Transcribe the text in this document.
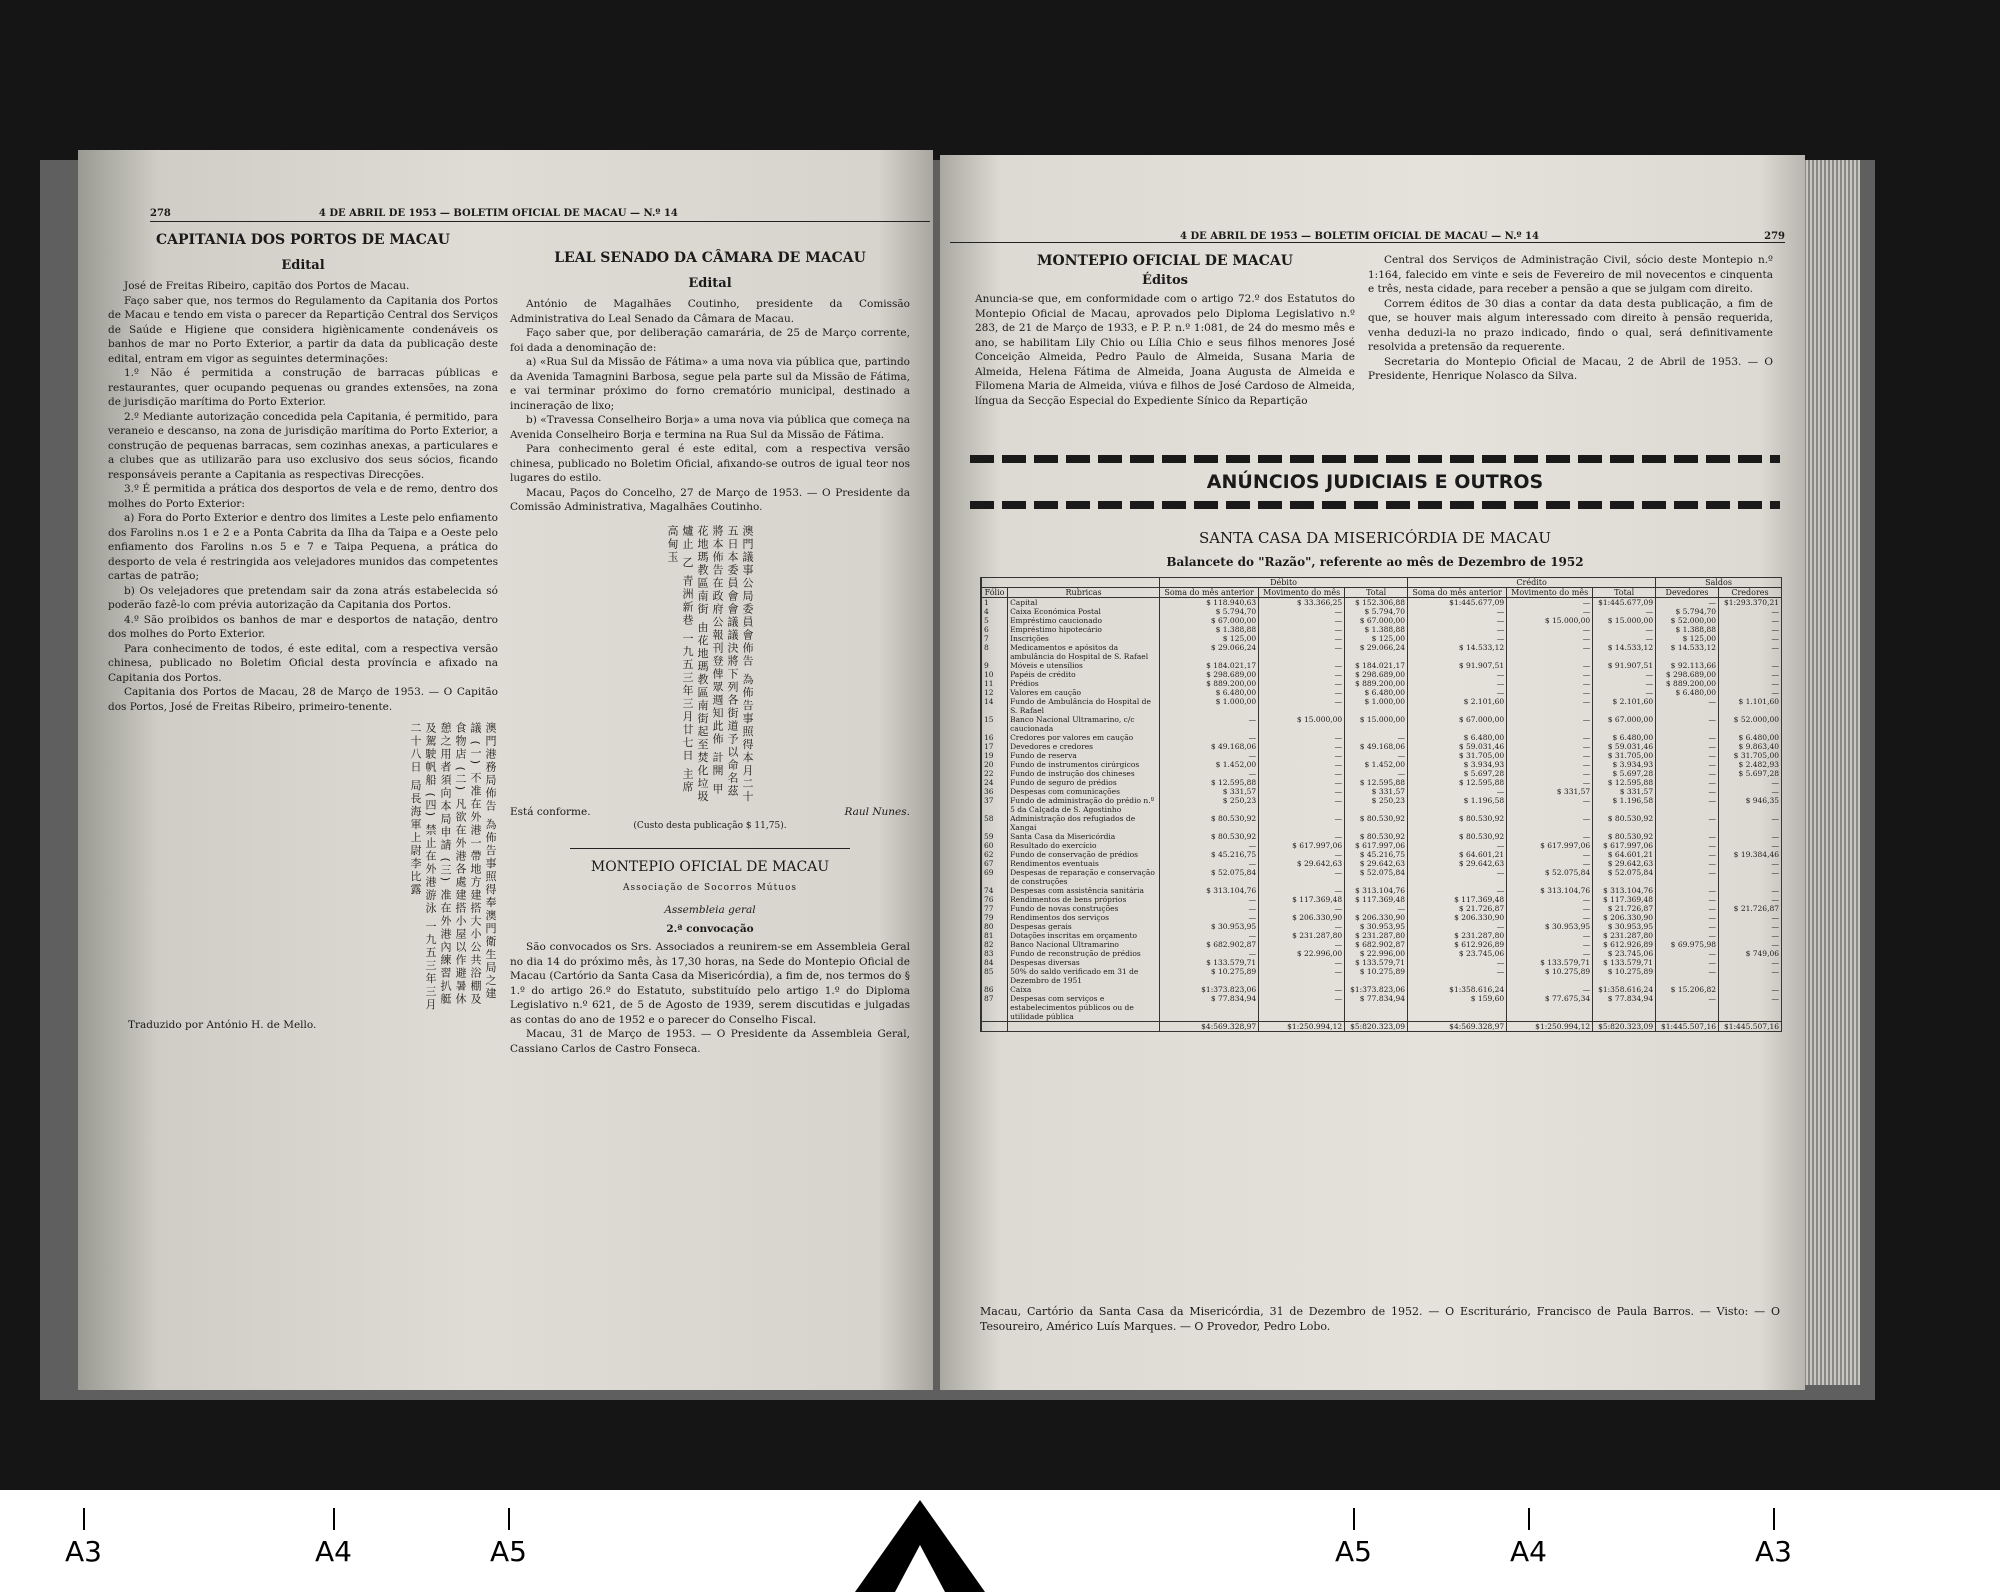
278	4 DE ABRIL DE 1953 — BOLETIM OFICIAL DE MACAU — N.º 14
CAPITANIA DOS PORTOS DE MACAU
Edital
José de Freitas Ribeiro, capitão dos Portos de Macau.
Faço saber que, nos termos do Regulamento da Capitania dos Portos de Macau e tendo em vista o parecer da Repartição Central dos Serviços de Saúde e Higiene que considera higiènicamente condenáveis os banhos de mar no Porto Exterior, a partir da data da publicação deste edital, entram em vigor as seguintes determinações:
1.º Não é permitida a construção de barracas públicas e restaurantes, quer ocupando pequenas ou grandes extensões, na zona de jurisdição marítima do Porto Exterior.
2.º Mediante autorização concedida pela Capitania, é permitido, para veraneio e descanso, na zona de jurisdição marítima do Porto Exterior, a construção de pequenas barracas, sem cozinhas anexas, a particulares e a clubes que as utilizarão para uso exclusivo dos seus sócios, ficando responsáveis perante a Capitania as respectivas Direcções.
3.º É permitida a prática dos desportos de vela e de remo, dentro dos molhes do Porto Exterior:
a) Fora do Porto Exterior e dentro dos limites a Leste pelo enfiamento dos Farolins n.os 1 e 2 e a Ponta Cabrita da Ilha da Taipa e a Oeste pelo enfiamento dos Farolins n.os 5 e 7 e Taipa Pequena, a prática do desporto de vela é restringida aos velejadores munidos das competentes cartas de patrão;
b) Os velejadores que pretendam sair da zona atrás estabelecida só poderão fazê-lo com prévia autorização da Capitania dos Portos.
4.º São proibidos os banhos de mar e desportos de natação, dentro dos molhes do Porto Exterior.
Para conhecimento de todos, é este edital, com a respectiva versão chinesa, publicado no Boletim Oficial desta província e afixado na Capitania dos Portos.
Capitania dos Portos de Macau, 28 de Março de 1953. — O Capitão dos Portos, José de Freitas Ribeiro, primeiro-tenente.
澳門港務局佈告 為佈告事照得奉澳門衛生局之建議 (一) 不准在外港一帶地方建搭大小公共浴棚及食物店 (二) 凡欲在外港各處建搭小屋以作避暑休憩之用者須向本局申請 (三) 准在外港內練習扒艇及駕駛帆船 (四) 禁止在外港游泳 一九五三年三月二十八日 局長海軍上尉李比露
Traduzido por António H. de Mello.
LEAL SENADO DA CÂMARA DE MACAU
Edital
António de Magalhães Coutinho, presidente da Comissão Administrativa do Leal Senado da Câmara de Macau.
Faço saber que, por deliberação camarária, de 25 de Março corrente, foi dada a denominação de:
a) «Rua Sul da Missão de Fátima» a uma nova via pública que, partindo da Avenida Tamagnini Barbosa, segue pela parte sul da Missão de Fátima, e vai terminar próximo do forno crematório municipal, destinado a incineração de lixo;
b) «Travessa Conselheiro Borja» a uma nova via pública que começa na Avenida Conselheiro Borja e termina na Rua Sul da Missão de Fátima.
Para conhecimento geral é este edital, com a respectiva versão chinesa, publicado no Boletim Oficial, afixando-se outros de igual teor nos lugares do estilo.
Macau, Paços do Concelho, 27 de Março de 1953. — O Presidente da Comissão Administrativa, Magalhães Coutinho.
澳門議事公局委員會佈告 為佈告事照得本月二十五日本委員會會議議決將下列各街道予以命名茲將本佈告在政府公報刊登俾眾週知此佈 計開 甲 花地瑪教區南街 由花地瑪教區南街起至焚化垃圾爐止 乙 青洲新巷 一九五三年三月廿七日 主席高甸玉
Está conforme.	Raul Nunes.
(Custo desta publicação $ 11,75).
MONTEPIO OFICIAL DE MACAU
Associação de Socorros Mútuos
Assembleia geral
2.ª convocação
São convocados os Srs. Associados a reunirem-se em Assembleia Geral no dia 14 do próximo mês, às 17,30 horas, na Sede do Montepio Oficial de Macau (Cartório da Santa Casa da Misericórdia), a fim de, nos termos do § 1.º do artigo 26.º do Estatuto, substituído pelo artigo 1.º do Diploma Legislativo n.º 621, de 5 de Agosto de 1939, serem discutidas e julgadas as contas do ano de 1952 e o parecer do Conselho Fiscal.
Macau, 31 de Março de 1953. — O Presidente da Assembleia Geral, Cassiano Carlos de Castro Fonseca.
4 DE ABRIL DE 1953 — BOLETIM OFICIAL DE MACAU — N.º 14	279
MONTEPIO OFICIAL DE MACAU
Éditos
Anuncia-se que, em conformidade com o artigo 72.º dos Estatutos do Montepio Oficial de Macau, aprovados pelo Diploma Legislativo n.º 283, de 21 de Março de 1933, e P. P. n.º 1:081, de 24 do mesmo mês e ano, se habilitam Lily Chio ou Lília Chio e seus filhos menores José Conceição Almeida, Pedro Paulo de Almeida, Susana Maria de Almeida, Helena Fátima de Almeida, Joana Augusta de Almeida e Filomena Maria de Almeida, viúva e filhos de José Cardoso de Almeida, língua da Secção Especial do Expediente Sínico da Repartição
Central dos Serviços de Administração Civil, sócio deste Montepio n.º 1:164, falecido em vinte e seis de Fevereiro de mil novecentos e cinquenta e três, nesta cidade, para receber a pensão a que se julgam com direito.
Correm éditos de 30 dias a contar da data desta publicação, a fim de que, se houver mais algum interessado com direito à pensão requerida, venha deduzi-la no prazo indicado, findo o qual, será definitivamente resolvida a pretensão da requerente.
Secretaria do Montepio Oficial de Macau, 2 de Abril de 1953. — O Presidente, Henrique Nolasco da Silva.
ANÚNCIOS JUDICIAIS E OUTROS
SANTA CASA DA MISERICÓRDIA DE MACAU
Balancete do "Razão", referente ao mês de Dezembro de 1952
		Débito			Crédito			Saldos	
Fólio	Rubricas	Soma do mês anterior	Movimento do mês	Total	Soma do mês anterior	Movimento do mês	Total	Devedores	Credores
1	Capital	$ 118.940,63	$ 33.366,25	$ 152.306,88	$1:445.677,09	—	$1:445.677,09	—	$1:293.370,21
4	Caixa Económica Postal	$ 5.794,70	—	$ 5.794,70	—	—	—	$ 5.794,70	—
5	Empréstimo caucionado	$ 67.000,00	—	$ 67.000,00	—	$ 15.000,00	$ 15.000,00	$ 52.000,00	—
6	Empréstimo hipotecário	$ 1.388,88	—	$ 1.388,88	—	—	—	$ 1.388,88	—
7	Inscrições	$ 125,00	—	$ 125,00	—	—	—	$ 125,00	—
8	Medicamentos e apósitos da ambulância do Hospital de S. Rafael	$ 29.066,24	—	$ 29.066,24	$ 14.533,12	—	$ 14.533,12	$ 14.533,12	—
9	Móveis e utensílios	$ 184.021,17	—	$ 184.021,17	$ 91.907,51	—	$ 91.907,51	$ 92.113,66	—
10	Papéis de crédito	$ 298.689,00	—	$ 298.689,00	—	—	—	$ 298.689,00	—
11	Prédios	$ 889.200,00	—	$ 889.200,00	—	—	—	$ 889.200,00	—
12	Valores em caução	$ 6.480,00	—	$ 6.480,00	—	—	—	$ 6.480,00	—
14	Fundo de Ambulância do Hospital de S. Rafael	$ 1.000,00	—	$ 1.000,00	$ 2.101,60	—	$ 2.101,60	—	$ 1.101,60
15	Banco Nacional Ultramarino, c/c caucionada	—	$ 15.000,00	$ 15.000,00	$ 67.000,00	—	$ 67.000,00	—	$ 52.000,00
16	Credores por valores em caução	—	—	—	$ 6.480,00	—	$ 6.480,00	—	$ 6.480,00
17	Devedores e credores	$ 49.168,06	—	$ 49.168,06	$ 59.031,46	—	$ 59.031,46	—	$ 9.863,40
19	Fundo de reserva	—	—	—	$ 31.705,00	—	$ 31.705,00	—	$ 31.705,00
20	Fundo de instrumentos cirúrgicos	$ 1.452,00	—	$ 1.452,00	$ 3.934,93	—	$ 3.934,93	—	$ 2.482,93
22	Fundo de instrução dos chineses	—	—	—	$ 5.697,28	—	$ 5.697,28	—	$ 5.697,28
24	Fundo de seguro de prédios	$ 12.595,88	—	$ 12.595,88	$ 12.595,88	—	$ 12.595,88	—	—
36	Despesas com comunicações	$ 331,57	—	$ 331,57	—	$ 331,57	$ 331,57	—	—
37	Fundo de administração do prédio n.º 5 da Calçada de S. Agostinho	$ 250,23	—	$ 250,23	$ 1.196,58	—	$ 1.196,58	—	$ 946,35
58	Administração dos refugiados de Xangai	$ 80.530,92	—	$ 80.530,92	$ 80.530,92	—	$ 80.530,92	—	—
59	Santa Casa da Misericórdia	$ 80.530,92	—	$ 80.530,92	$ 80.530,92	—	$ 80.530,92	—	—
60	Resultado do exercício	—	$ 617.997,06	$ 617.997,06	—	$ 617.997,06	$ 617.997,06	—	—
62	Fundo de conservação de prédios	$ 45.216,75	—	$ 45.216,75	$ 64.601,21	—	$ 64.601,21	—	$ 19.384,46
67	Rendimentos eventuais	—	$ 29.642,63	$ 29.642,63	$ 29.642,63	—	$ 29.642,63	—	—
69	Despesas de reparação e conservação de construções	$ 52.075,84	—	$ 52.075,84	—	$ 52.075,84	$ 52.075,84	—	—
74	Despesas com assistência sanitária	$ 313.104,76	—	$ 313.104,76	—	$ 313.104,76	$ 313.104,76	—	—
76	Rendimentos de bens próprios	—	$ 117.369,48	$ 117.369,48	$ 117.369,48	—	$ 117.369,48	—	—
77	Fundo de novas construções	—	—	—	$ 21.726,87	—	$ 21.726,87	—	$ 21.726,87
79	Rendimentos dos serviços	—	$ 206.330,90	$ 206.330,90	$ 206.330,90	—	$ 206.330,90	—	—
80	Despesas gerais	$ 30.953,95	—	$ 30.953,95	—	$ 30.953,95	$ 30.953,95	—	—
81	Dotações inscritas em orçamento	—	$ 231.287,80	$ 231.287,80	$ 231.287,80	—	$ 231.287,80	—	—
82	Banco Nacional Ultramarino	$ 682.902,87	—	$ 682.902,87	$ 612.926,89	—	$ 612.926,89	$ 69.975,98	—
83	Fundo de reconstrução de prédios	—	$ 22.996,00	$ 22.996,00	$ 23.745,06	—	$ 23.745,06	—	$ 749,06
84	Despesas diversas	$ 133.579,71	—	$ 133.579,71	—	$ 133.579,71	$ 133.579,71	—	—
85	50% do saldo verificado em 31 de Dezembro de 1951	$ 10.275,89	—	$ 10.275,89	—	$ 10.275,89	$ 10.275,89	—	—
86	Caixa	$1:373.823,06	—	$1:373.823,06	$1:358.616,24	—	$1:358.616,24	$ 15.206,82	—
87	Despesas com serviços e estabelecimentos públicos ou de utilidade pública	$ 77.834,94	—	$ 77.834,94	$ 159,60	$ 77.675,34	$ 77.834,94	—	—
		$4:569.328,97	$1:250.994,12	$5:820.323,09	$4:569.328,97	$1:250.994,12	$5:820.323,09	$1:445.507,16	$1:445.507,16
Macau, Cartório da Santa Casa da Misericórdia, 31 de Dezembro de 1952. — O Escriturário, Francisco de Paula Barros. — Visto: — O Tesoureiro, Américo Luís Marques. — O Provedor, Pedro Lobo.
A3	A4	A5	A5	A4	A3
